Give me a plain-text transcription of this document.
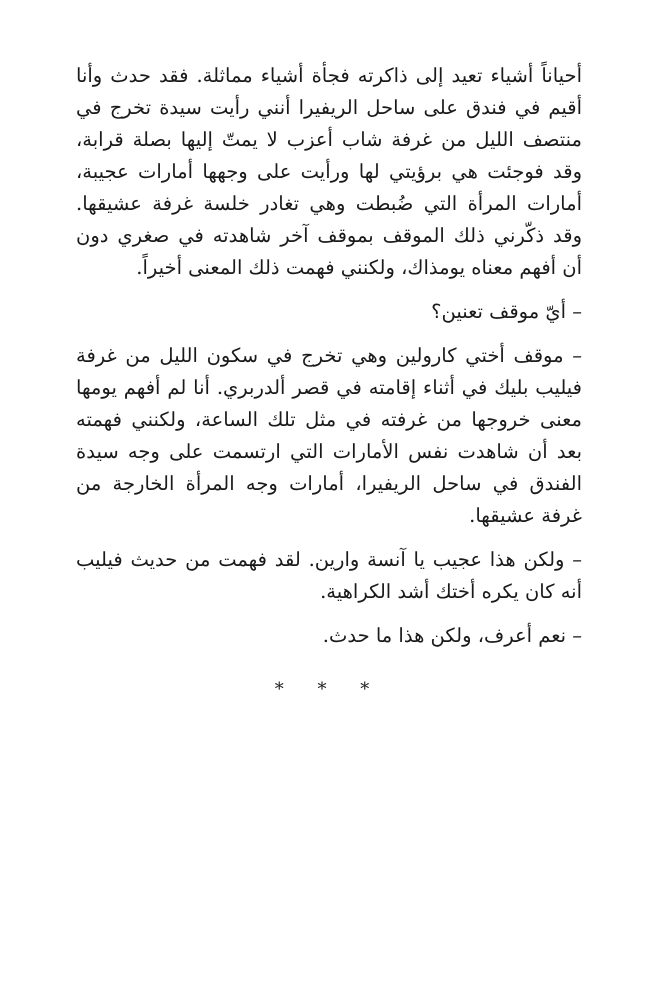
أحياناً أشياء تعيد إلى ذاكرته فجأة أشياء مماثلة. فقد حدث وأنا أقيم في فندق على ساحل الريفيرا أنني رأيت سيدة تخرج في منتصف الليل من غرفة شاب أعزب لا يمتّ إليها بصلة قرابة، وقد فوجئت هي برؤيتي لها ورأيت على وجهها أمارات عجيبة، أمارات المرأة التي ضُبطت وهي تغادر خلسة غرفة عشيقها. وقد ذكّرني ذلك الموقف بموقف آخر شاهدته في صغري دون أن أفهم معناه يومذاك، ولكنني فهمت ذلك المعنى أخيراً.

– أيّ موقف تعنين؟

– موقف أختي كارولين وهي تخرج في سكون الليل من غرفة فيليب بليك في أثناء إقامته في قصر ألدربري. أنا لم أفهم يومها معنى خروجها من غرفته في مثل تلك الساعة، ولكنني فهمته بعد أن شاهدت نفس الأمارات التي ارتسمت على وجه سيدة الفندق في ساحل الريفيرا، أمارات وجه المرأة الخارجة من غرفة عشيقها.

– ولكن هذا عجيب يا آنسة وارين. لقد فهمت من حديث فيليب أنه كان يكره أختك أشد الكراهية.

– نعم أعرف، ولكن هذا ما حدث.

* * *
